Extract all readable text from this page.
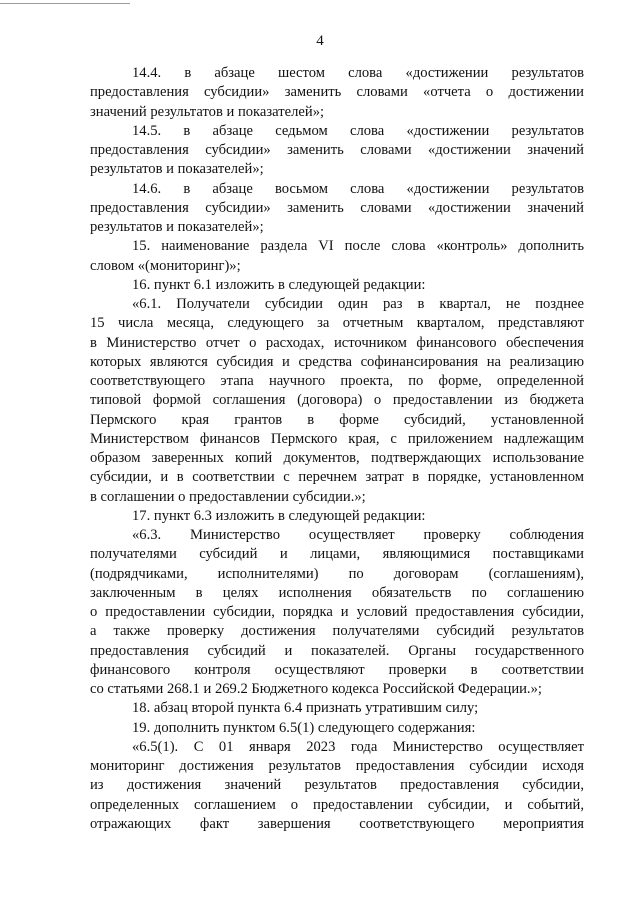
4
14.4. в абзаце шестом слова «достижении результатов
предоставления субсидии» заменить словами «отчета о достижении
значений результатов и показателей»;
14.5. в абзаце седьмом слова «достижении результатов
предоставления субсидии» заменить словами «достижении значений
результатов и показателей»;
14.6. в абзаце восьмом слова «достижении результатов
предоставления субсидии» заменить словами «достижении значений
результатов и показателей»;
15. наименование раздела VI после слова «контроль» дополнить
словом «(мониторинг)»;
16. пункт 6.1 изложить в следующей редакции:
«6.1. Получатели субсидии один раз в квартал, не позднее
15 числа месяца, следующего за отчетным кварталом, представляют
в Министерство отчет о расходах, источником финансового обеспечения
которых являются субсидия и средства софинансирования на реализацию
соответствующего этапа научного проекта, по форме, определенной
типовой формой соглашения (договора) о предоставлении из бюджета
Пермского края грантов в форме субсидий, установленной
Министерством финансов Пермского края, с приложением надлежащим
образом заверенных копий документов, подтверждающих использование
субсидии, и в соответствии с перечнем затрат в порядке, установленном
в соглашении о предоставлении субсидии.»;
17. пункт 6.3 изложить в следующей редакции:
«6.3. Министерство осуществляет проверку соблюдения
получателями субсидий и лицами, являющимися поставщиками
(подрядчиками, исполнителями) по договорам (соглашениям),
заключенным в целях исполнения обязательств по соглашению
о предоставлении субсидии, порядка и условий предоставления субсидии,
а также проверку достижения получателями субсидий результатов
предоставления субсидий и показателей. Органы государственного
финансового контроля осуществляют проверки в соответствии
со статьями 268.1 и 269.2 Бюджетного кодекса Российской Федерации.»;
18. абзац второй пункта 6.4 признать утратившим силу;
19. дополнить пунктом 6.5(1) следующего содержания:
«6.5(1). С 01 января 2023 года Министерство осуществляет
мониторинг достижения результатов предоставления субсидии исходя
из достижения значений результатов предоставления субсидии,
определенных соглашением о предоставлении субсидии, и событий,
отражающих факт завершения соответствующего мероприятия
